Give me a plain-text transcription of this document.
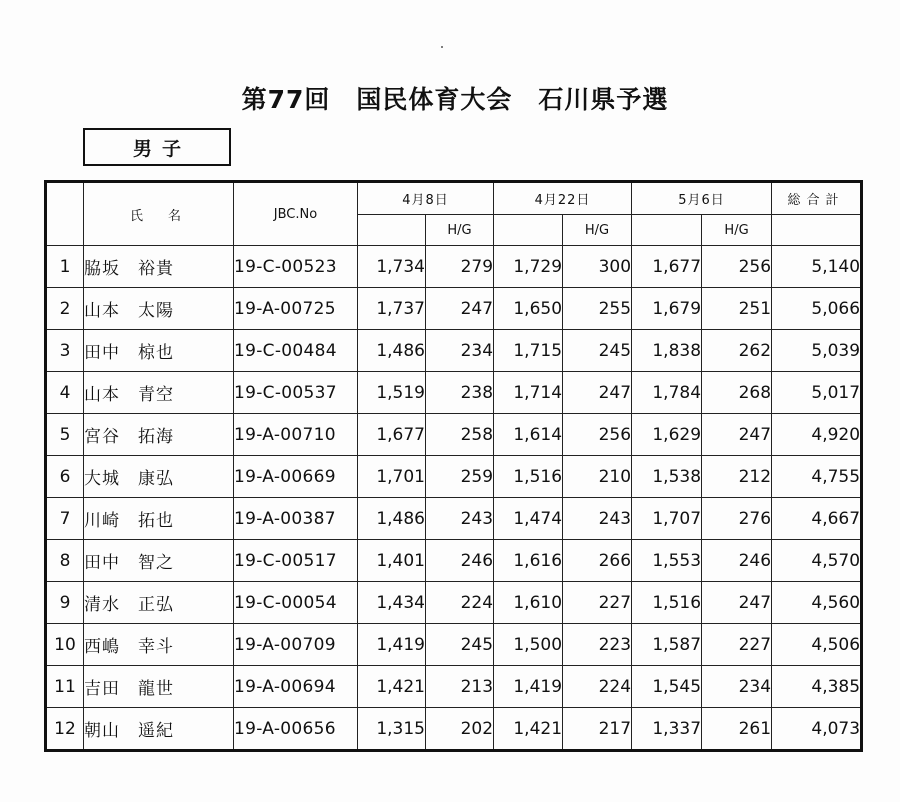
第77回　国民体育大会　石川県予選
男子
	氏　名	JBC.No	4月8日		4月22日		5月6日		総合計
				H/G		H/G		H/G	
1	脇坂　裕貴	19-C-00523	1,734	279	1,729	300	1,677	256	5,140
2	山本　太陽	19-A-00725	1,737	247	1,650	255	1,679	251	5,066
3	田中　椋也	19-C-00484	1,486	234	1,715	245	1,838	262	5,039
4	山本　青空	19-C-00537	1,519	238	1,714	247	1,784	268	5,017
5	宮谷　拓海	19-A-00710	1,677	258	1,614	256	1,629	247	4,920
6	大城　康弘	19-A-00669	1,701	259	1,516	210	1,538	212	4,755
7	川崎　拓也	19-A-00387	1,486	243	1,474	243	1,707	276	4,667
8	田中　智之	19-C-00517	1,401	246	1,616	266	1,553	246	4,570
9	清水　正弘	19-C-00054	1,434	224	1,610	227	1,516	247	4,560
10	西嶋　幸斗	19-A-00709	1,419	245	1,500	223	1,587	227	4,506
11	吉田　龍世	19-A-00694	1,421	213	1,419	224	1,545	234	4,385
12	朝山　遥紀	19-A-00656	1,315	202	1,421	217	1,337	261	4,073
